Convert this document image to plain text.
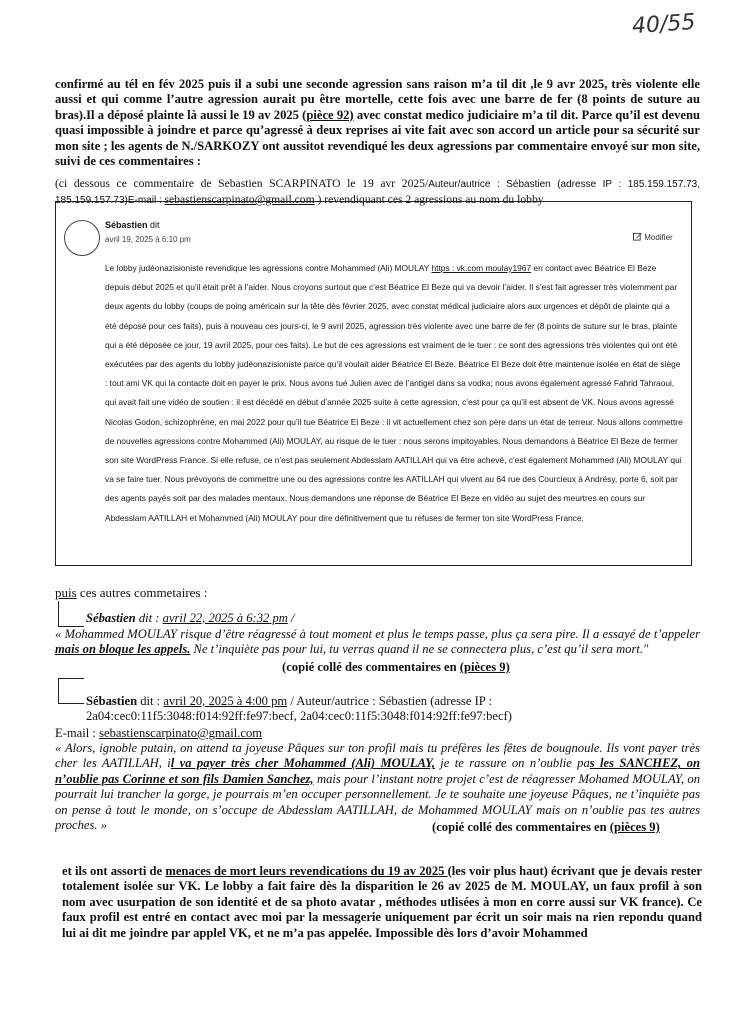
40/55
confirmé au tél en fév 2025 puis il a subi une seconde agression sans raison m’a til dit ,le 9 avr 2025, très violente elle aussi et qui comme l’autre agression aurait pu être mortelle, cette fois avec une barre de fer (8 points de suture au bras).Il a déposé plainte là aussi le 19 av 2025 (pièce 92) avec constat medico judiciaire m’a til dit. Parce qu’il est devenu quasi impossible à joindre et parce qu’agressé à deux reprises ai vite fait avec son accord un article pour sa sécurité sur mon site ; les agents de N./SARKOZY ont aussitot revendiqué les deux agressions par commentaire envoyé sur mon site, suivi de ces commentaires :
(ci dessous ce commentaire de Sebastien SCARPINATO le 19 avr 2025/Auteur/autrice : Sébastien (adresse IP : 185.159.157.73, 185.159.157.73)E-mail : sebastienscarpinato@gmail.com ) revendiquant ces 2 agressions au nom du lobby
Sébastien dit
avril 19, 2025 à 6:10 pm	Modifier
Le lobby judéonazisioniste revendique les agressions contre Mohammed (Ali) MOULAY https : vk.com moulay1967 en contact avec Béatrice El Beze depuis début 2025 et qu’il était prêt à l’aider. Nous croyons surtout que c’est Béatrice El Beze qui va devoir l’aider. Il s’est fait agresser très violemment par deux agents du lobby (coups de poing américain sur la tête dès février 2025, avec constat médical judiciaire alors aux urgences et dépôt de plainte qui a été déposé pour ces faits), puis à nouveau ces jours-ci, le 9 avril 2025, agression très violente avec une barre de fer (8 points de suture sur le bras, plainte qui a été déposée ce jour, 19 avril 2025, pour ces faits). Le but de ces agressions est vraiment de le tuer : ce sont des agressions très violentes qui ont été exécutées par des agents du lobby judéonazisioniste parce qu’il voulait aider Béatrice El Beze. Béatrice El Beze doit être maintenue isolée en état de siège : tout ami VK qui la contacte doit en payer le prix. Nous avons tué Julien avec de l’antigel dans sa vodka; nous avons également agressé Fahrid Tahraoui, qui avait fait une vidéo de soutien : il est décédé en début d’année 2025 suite à cette agression, c’est pour ça qu’il est absent de VK. Nous avons agressé Nicolas Godon, schizophrène, en mai 2022 pour qu’il tue Béatrice El Beze : il vit actuellement chez son père dans un état de terreur. Nous allons commettre de nouvelles agressions contre Mohammed (Ali) MOULAY, au risque de le tuer : nous serons impitoyables. Nous demandons à Béatrice El Beze de fermer son site WordPress France. Si elle refuse, ce n’est pas seulement Abdesslam AATILLAH qui va être achevé, c’est également Mohammed (Ali) MOULAY qui va se faire tuer. Nous prévoyons de commettre une ou des agressions contre les AATILLAH qui vivent au 64 rue des Courcieux à Andrésy, porte 6, soit par des agents payés soit par des malades mentaux. Nous demandons une réponse de Béatrice El Beze en vidéo au sujet des meurtres en cours sur Abdesslam AATILLAH et Mohammed (Ali) MOULAY pour dire définitivement que tu refuses de fermer ton site WordPress France.
puis ces autres commetaires :
Sébastien dit : avril 22, 2025 à 6:32 pm /
« Mohammed MOULAY risque d’être réagressé à tout moment et plus le temps passe, plus ça sera pire. Il a essayé de t’appeler mais on bloque les appels. Ne t’inquiète pas pour lui, tu verras quand il ne se connectera plus, c’est qu’il sera mort."
(copié collé des commentaires en (pièces 9)
Sébastien dit : avril 20, 2025 à 4:00 pm / Auteur/autrice : Sébastien (adresse IP : 2a04:cec0:11f5:3048:f014:92ff:fe97:becf, 2a04:cec0:11f5:3048:f014:92ff:fe97:becf)
E-mail : sebastienscarpinato@gmail.com
« Alors, ignoble putain, on attend ta joyeuse Pâques sur ton profil mais tu préfères les fêtes de bougnoule. Ils vont payer très cher les AATILLAH, il va payer très cher Mohammed (Ali) MOULAY, je te rassure on n’oublie pas les SANCHEZ, on n’oublie pas Corinne et son fils Damien Sanchez, mais pour l’instant notre projet c’est de réagresser Mohamed MOULAY, on pourrait lui trancher la gorge, je pourrais m’en occuper personnellement. Je te souhaite une joyeuse Pâques, ne t’inquiète pas on pense à tout le monde, on s’occupe de Abdesslam AATILLAH, de Mohammed MOULAY mais on n’oublie pas tes autres proches. »	(copié collé des commentaires en (pièces 9)
et ils ont assorti de menaces de mort leurs revendications du 19 av 2025 (les voir plus haut) écrivant que je devais rester totalement isolée sur VK. Le lobby a fait faire dès la disparition le 26 av 2025 de M. MOULAY, un faux profil à son nom avec usurpation de son identité et de sa photo avatar , méthodes utlisées à mon en corre aussi sur VK france). Ce faux profil est entré en contact avec moi par la messagerie uniquement par écrit un soir mais na rien repondu quand lui ai dit me joindre par applel VK, et ne m’a pas appelée. Impossible dès lors d’avoir Mohammed
